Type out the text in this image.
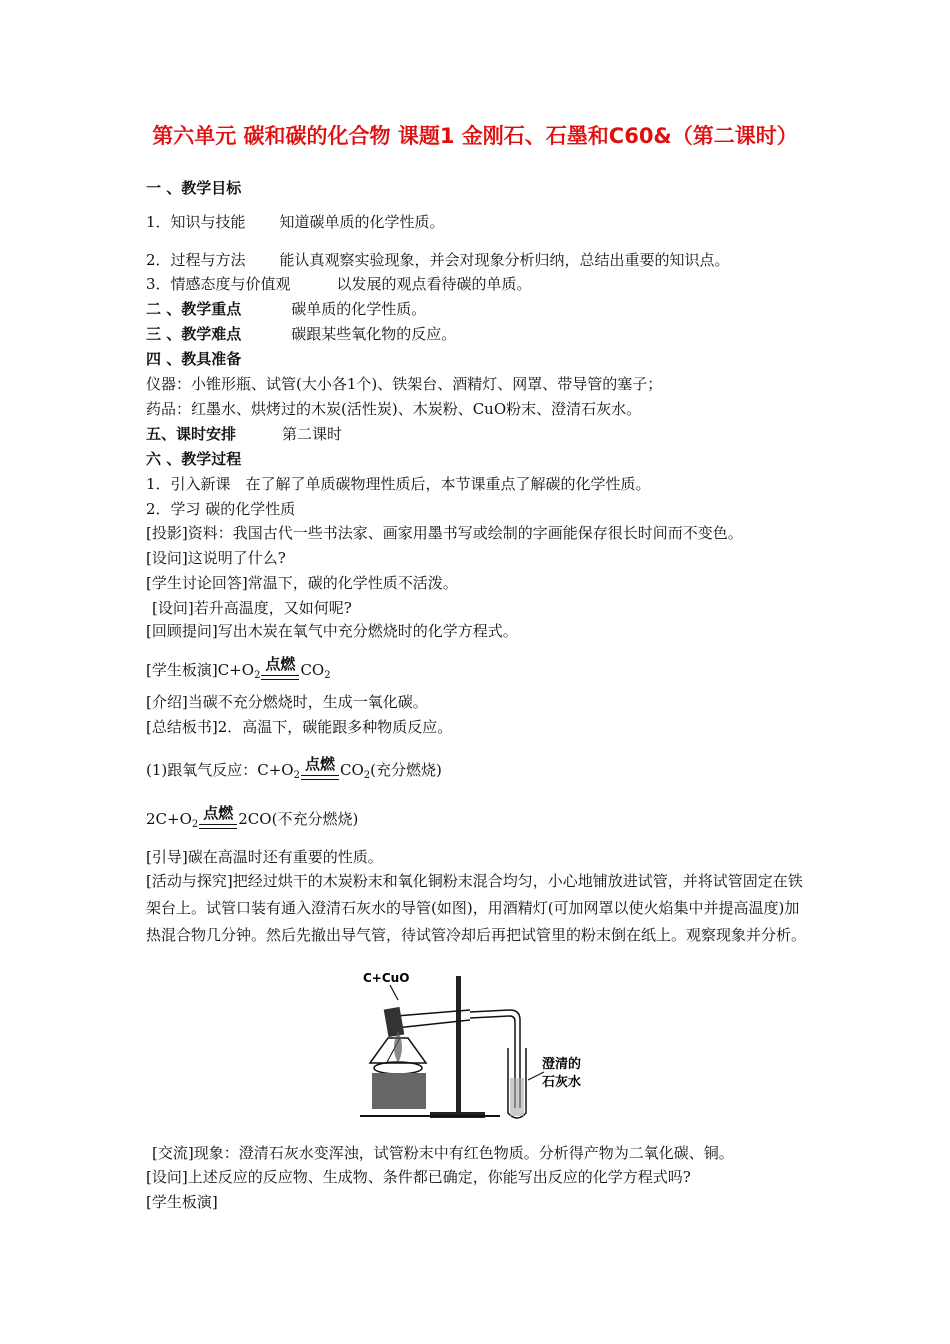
第六单元 碳和碳的化合物 课题1 金刚石、石墨和C60&（第二课时）
一 、教学目标
1．知识与技能 知道碳单质的化学性质。
2．过程与方法 能认真观察实验现象，并会对现象分析归纳，总结出重要的知识点。
3．情感态度与价值观	以发展的观点看待碳的单质。
二 、教学重点	碳单质的化学性质。
三 、教学难点	碳跟某些氧化物的反应。
四 、教具准备
仪器：小锥形瓶、试管(大小各1个)、铁架台、酒精灯、网罩、带导管的塞子；
药品：红墨水、烘烤过的木炭(活性炭)、木炭粉、CuO粉末、澄清石灰水。
五、课时安排	第二课时
六 、教学过程
1．引入新课 在了解了单质碳物理性质后，本节课重点了解碳的化学性质。
2．学习 碳的化学性质
[投影]资料：我国古代一些书法家、画家用墨书写或绘制的字画能保存很长时间而不变色。
[设问]这说明了什么?
[学生讨论回答]常温下，碳的化学性质不活泼。
[设问]若升高温度，又如何呢?
[回顾提问]写出木炭在氧气中充分燃烧时的化学方程式。
[学生板演]$C+O_2$
点燃 $CO_2$
[介绍]当碳不充分燃烧时，生成一氧化碳。
[总结板书]2．高温下，碳能跟多种物质反应。
(1)跟氧气反应：$C+O_2$
点燃 $CO_2$(充分燃烧)
$2C+O_2$
点燃 2CO(不充分燃烧)
[引导]碳在高温时还有重要的性质。
[活动与探究]把经过烘干的木炭粉末和氧化铜粉末混合均匀，小心地铺放进试管，并将试管固定在铁架台上。试管口装有通入澄清石灰水的导管(如图)，用酒精灯(可加网罩以使火焰集中并提高温度)加热混合物几分钟。然后先撤出导气管，待试管冷却后再把试管里的粉末倒在纸上。观察现象并分析。
C+CuO
澄清的
石灰水
[交流]现象：澄清石灰水变浑浊，试管粉末中有红色物质。分析得产物为二氧化碳、铜。
[设问]上述反应的反应物、生成物、条件都已确定，你能写出反应的化学方程式吗?
[学生板演]
